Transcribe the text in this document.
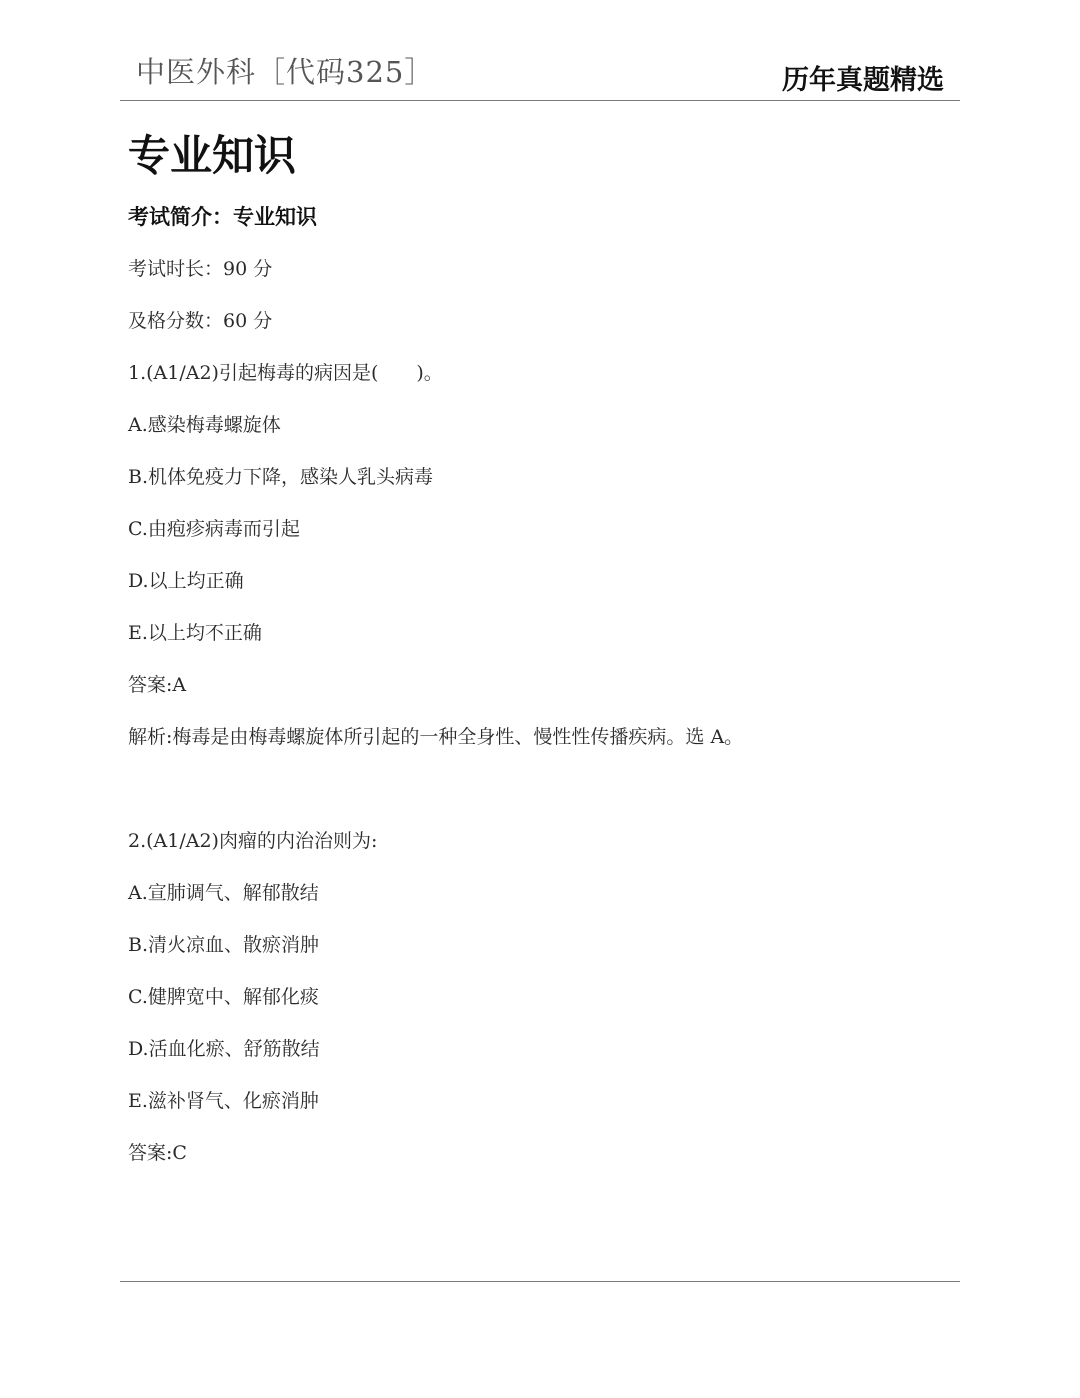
中医外科［代码325］	历年真题精选
专业知识
考试简介：专业知识
考试时长：90 分
及格分数：60 分
1.(A1/A2)引起梅毒的病因是(　　)。
A.感染梅毒螺旋体
B.机体免疫力下降，感染人乳头病毒
C.由疱疹病毒而引起
D.以上均正确
E.以上均不正确
答案:A
解析:梅毒是由梅毒螺旋体所引起的一种全身性、慢性性传播疾病。选 A。
2.(A1/A2)肉瘤的内治治则为:
A.宣肺调气、解郁散结
B.清火凉血、散瘀消肿
C.健脾宽中、解郁化痰
D.活血化瘀、舒筋散结
E.滋补肾气、化瘀消肿
答案:C
